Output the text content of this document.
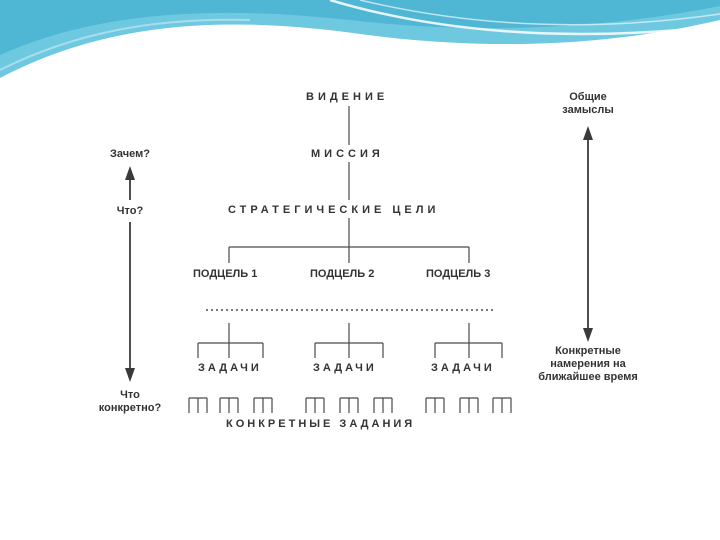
ВИДЕНИЕ
МИССИЯ
СТРАТЕГИЧЕСКИЕ ЦЕЛИ
ПОДЦЕЛЬ 1	ПОДЦЕЛЬ 2	ПОДЦЕЛЬ 3
ЗАДАЧИ	ЗАДАЧИ	ЗАДАЧИ
КОНКРЕТНЫЕ ЗАДАНИЯ
Зачем?
Что?
Что конкретно?
Общие замыслы
Конкретные намерения на ближайшее время
